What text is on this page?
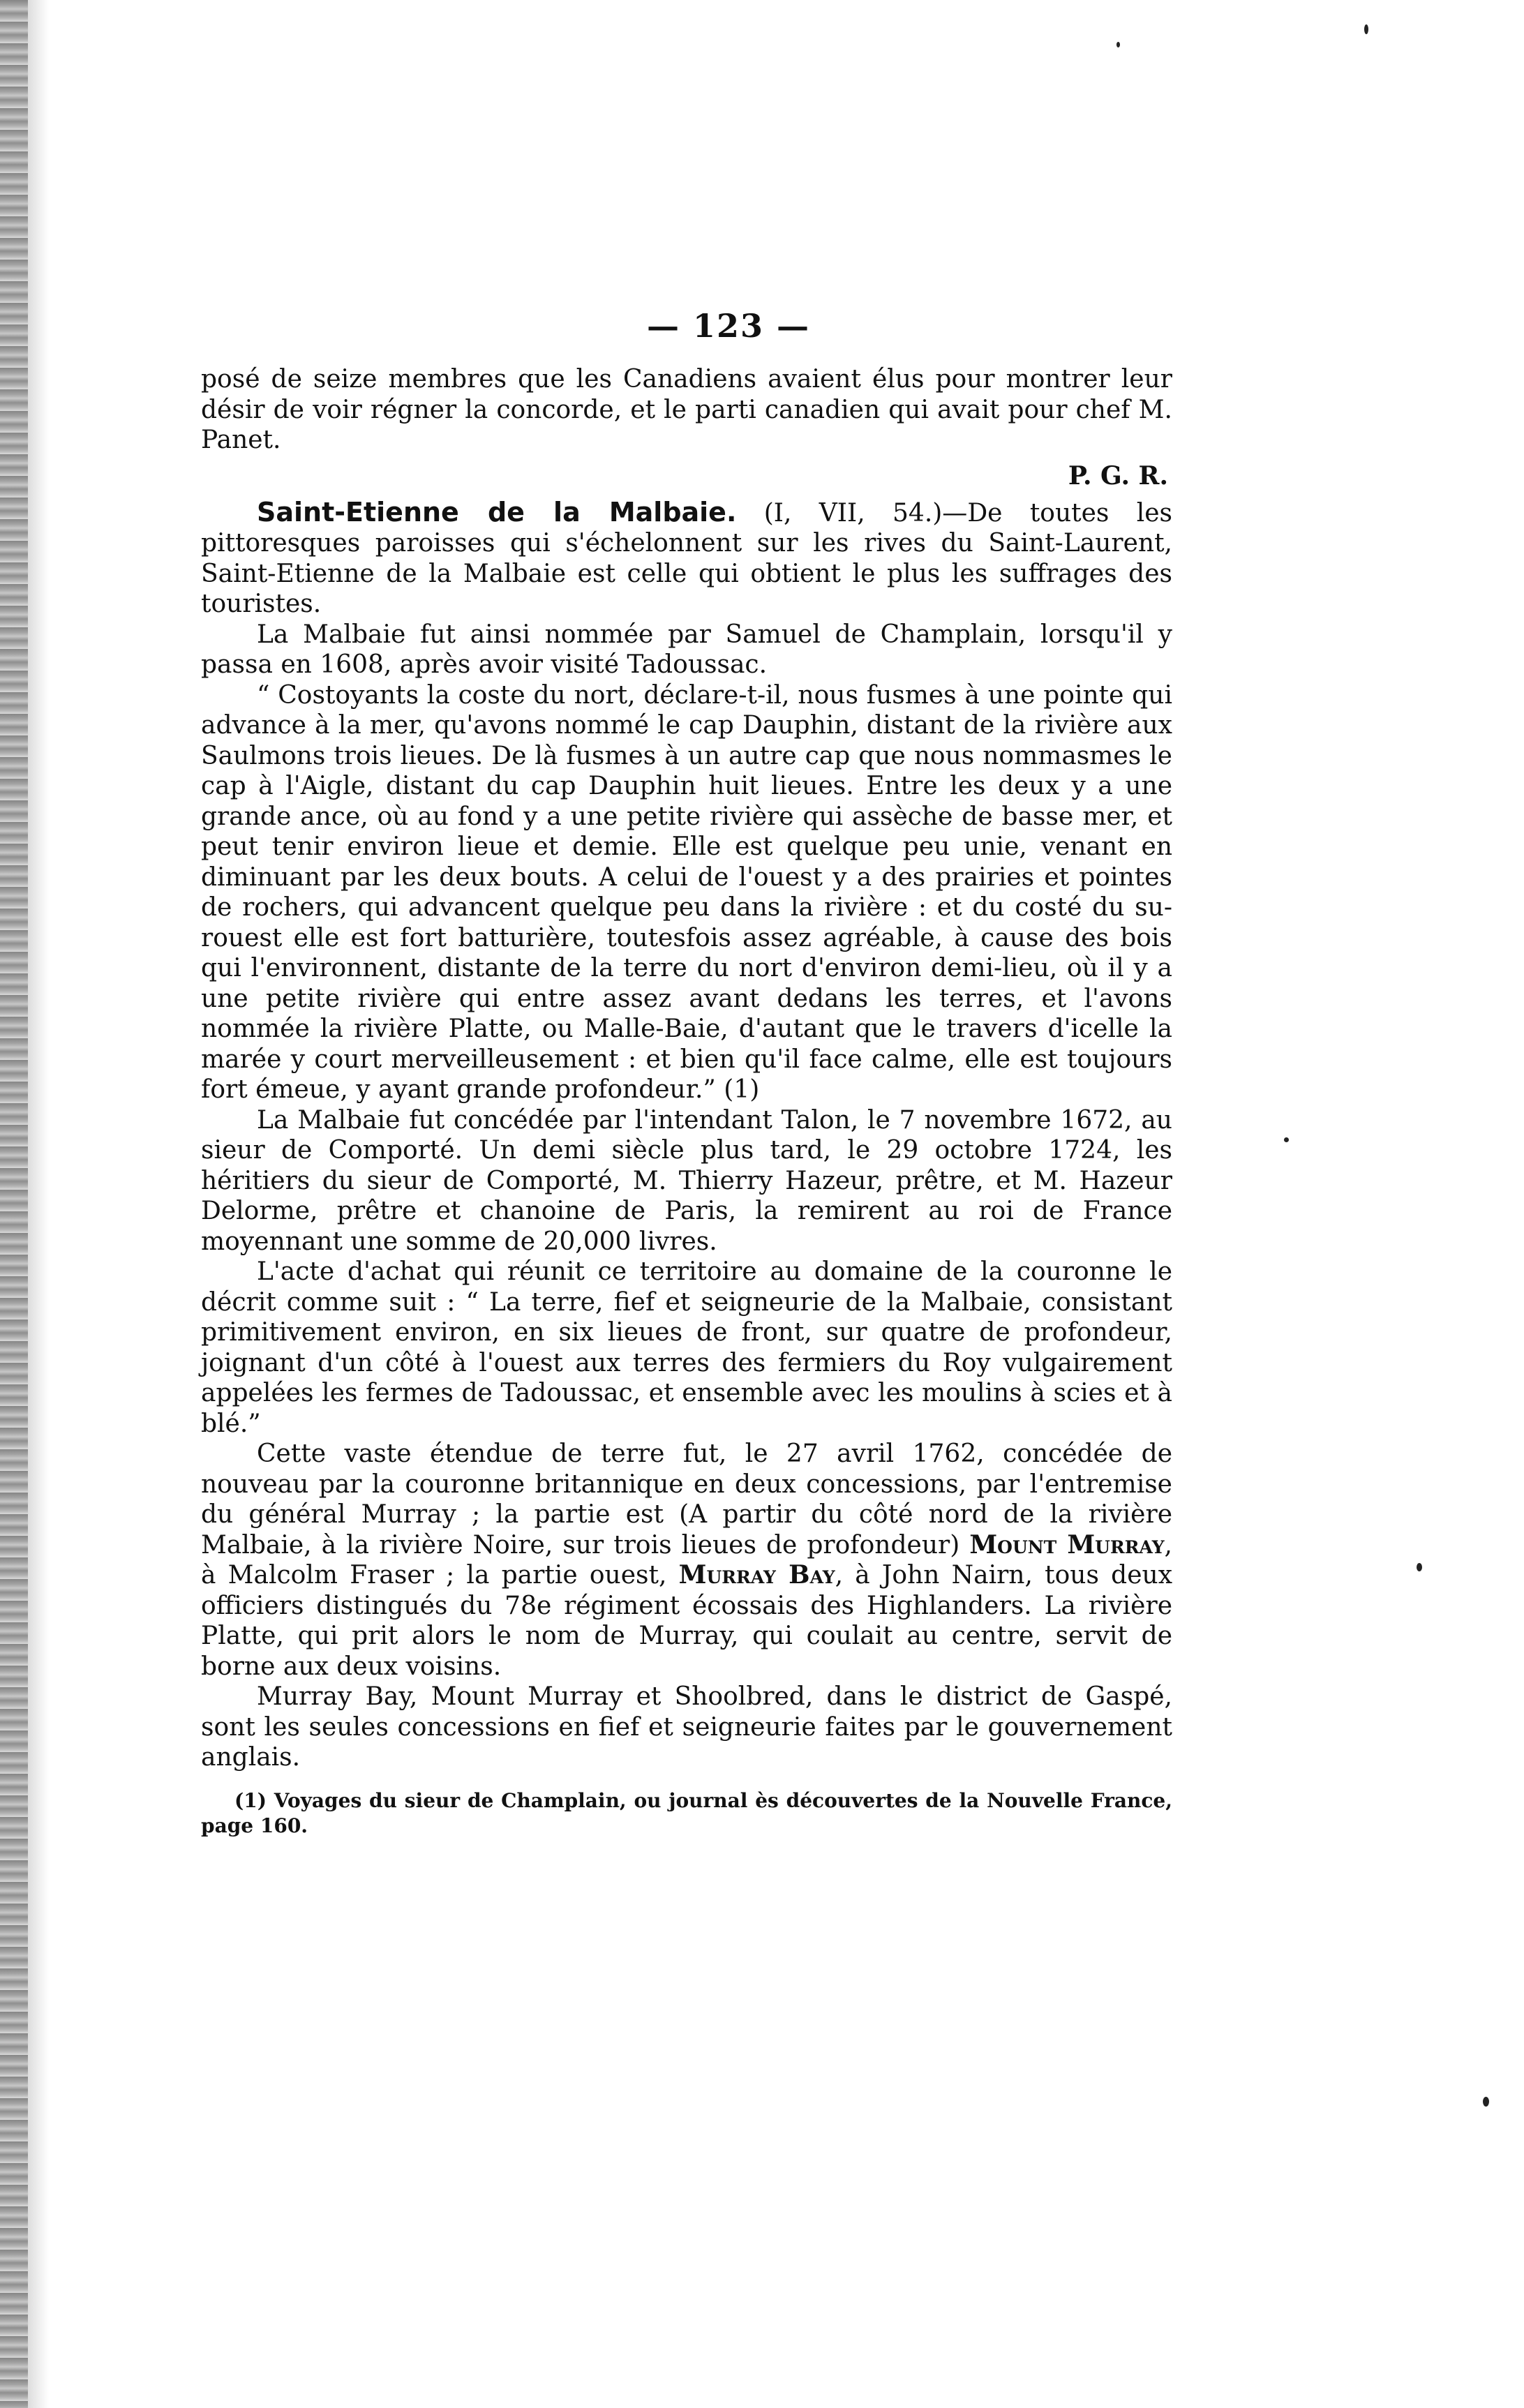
— 123 —

posé de seize membres que les Canadiens avaient élus pour montrer leur désir de voir régner la concorde, et le parti canadien qui avait pour chef M. Panet.

P. G. R.

Saint-Etienne de la Malbaie. (I, VII, 54.)—De toutes les pittoresques paroisses qui s'échelonnent sur les rives du Saint-Laurent, Saint-Etienne de la Malbaie est celle qui obtient le plus les suffrages des touristes.

La Malbaie fut ainsi nommée par Samuel de Champlain, lorsqu'il y passa en 1608, après avoir visité Tadoussac.

“ Costoyants la coste du nort, déclare-t-il, nous fusmes à une pointe qui advance à la mer, qu'avons nommé le cap Dauphin, distant de la rivière aux Saulmons trois lieues. De là fusmes à un autre cap que nous nommasmes le cap à l'Aigle, distant du cap Dauphin huit lieues. Entre les deux y a une grande ance, où au fond y a une petite rivière qui assèche de basse mer, et peut tenir environ lieue et demie. Elle est quelque peu unie, venant en diminuant par les deux bouts. A celui de l'ouest y a des prairies et pointes de rochers, qui advancent quelque peu dans la rivière : et du costé du su-rouest elle est fort batturière, toutesfois assez agréable, à cause des bois qui l'environnent, distante de la terre du nort d'environ demi-lieu, où il y a une petite rivière qui entre assez avant dedans les terres, et l'avons nommée la rivière Platte, ou Malle-Baie, d'autant que le travers d'icelle la marée y court merveilleusement : et bien qu'il face calme, elle est toujours fort émeue, y ayant grande profondeur.” (1)

La Malbaie fut concédée par l'intendant Talon, le 7 novembre 1672, au sieur de Comporté. Un demi siècle plus tard, le 29 octobre 1724, les héritiers du sieur de Comporté, M. Thierry Hazeur, prêtre, et M. Hazeur Delorme, prêtre et chanoine de Paris, la remirent au roi de France moyennant une somme de 20,000 livres.

L'acte d'achat qui réunit ce territoire au domaine de la couronne le décrit comme suit : “ La terre, fief et seigneurie de la Malbaie, consistant primitivement environ, en six lieues de front, sur quatre de profondeur, joignant d'un côté à l'ouest aux terres des fermiers du Roy vulgairement appelées les fermes de Tadoussac, et ensemble avec les moulins à scies et à blé.”

Cette vaste étendue de terre fut, le 27 avril 1762, concédée de nouveau par la couronne britannique en deux concessions, par l'entremise du général Murray ; la partie est (A partir du côté nord de la rivière Malbaie, à la rivière Noire, sur trois lieues de profondeur) Mount Murray, à Malcolm Fraser ; la partie ouest, Murray Bay, à John Nairn, tous deux officiers distingués du 78e régiment écossais des Highlanders. La rivière Platte, qui prit alors le nom de Murray, qui coulait au centre, servit de borne aux deux voisins.

Murray Bay, Mount Murray et Shoolbred, dans le district de Gaspé, sont les seules concessions en fief et seigneurie faites par le gouvernement anglais.

(1) Voyages du sieur de Champlain, ou journal ès découvertes de la Nouvelle France, page 160.
